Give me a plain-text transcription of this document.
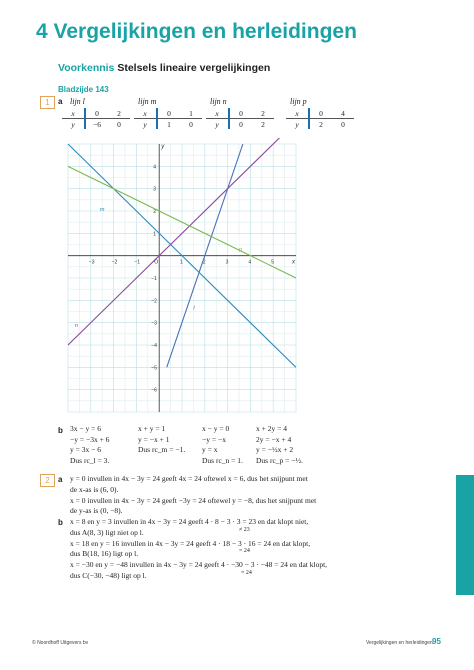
4 Vergelijkingen en herleidingen
Voorkennis Stelsels lineaire vergelijkingen
Bladzijde 143
1	a lijn l
x	0	2
y	−6	0
lijn m
x	0	1
y	1	0
lijn n
x	0	2
y	0	2
lijn p
x	0	4
y	2	0
x
y
−3	−2	−1	O	1	2	3	4	5
4
3
2
1
−1
−2
−3
−4
−5
−6
l
m
n
p
b 3x − y = 6
−y = −3x + 6
y = 3x − 6
Dus rc_l = 3.
x + y = 1
y = −x + 1
Dus rc_m = −1.
x − y = 0
−y = −x
y = x
Dus rc_n = 1.
x + 2y = 4
2y = −x + 4
y = −½x + 2
Dus rc_p = −½.
2	a y = 0 invullen in 4x − 3y = 24 geeft 4x = 24 oftewel x = 6, dus het snijpunt met
de x-as is (6, 0).
x = 0 invullen in 4x − 3y = 24 geeft −3y = 24 oftewel y = −8, dus het snijpunt met
de y-as is (0, −8).
b x = 8 en y = 3 invullen in 4x − 3y = 24 geeft 4 · 8 − 3 · 3 = 23 en dat klopt niet,
dus A(8, 3) ligt niet op l.
x = 18 en y = 16 invullen in 4x − 3y = 24 geeft 4 · 18 − 3 · 16 = 24 en dat klopt,
dus B(18, 16) ligt op l.
x = −30 en y = −48 invullen in 4x − 3y = 24 geeft 4 · −30 − 3 · −48 = 24 en dat klopt,
dus C(−30, −48) ligt op l.
≠ 23
= 24
= 24
© Noordhoff Uitgevers bv	Vergelijkingen en herleidingen 95
